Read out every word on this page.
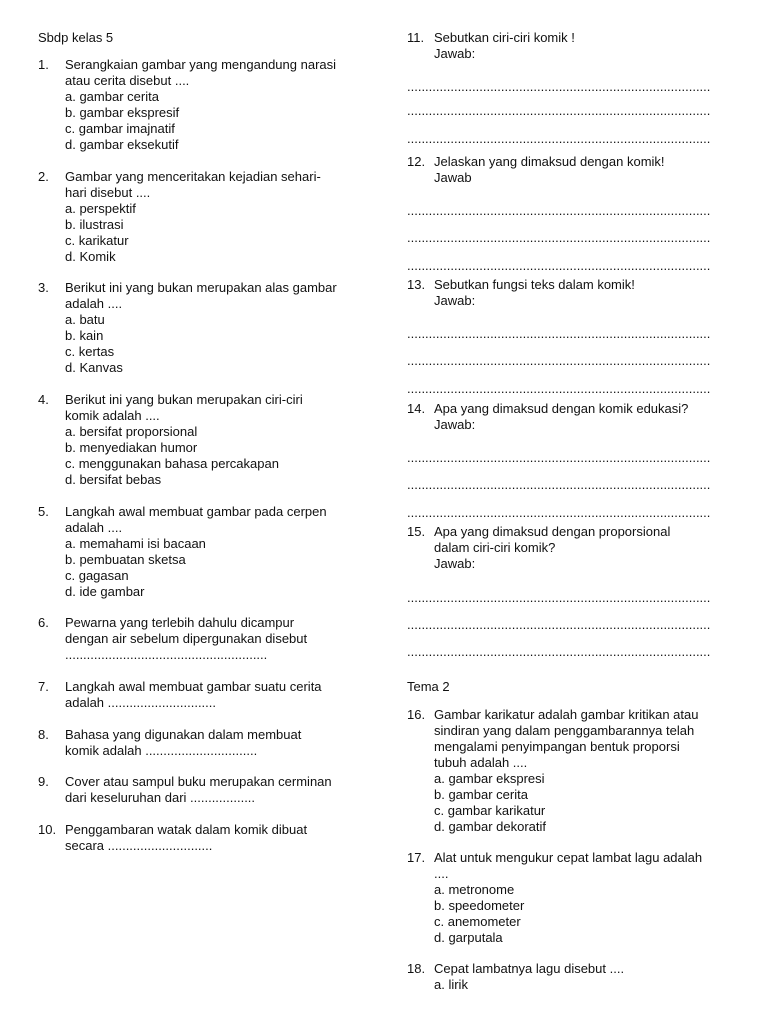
Sbdp kelas 5
1.	Serangkaian gambar yang mengandung narasi
atau cerita disebut ....
a. gambar cerita
b. gambar ekspresif
c. gambar imajnatif
d. gambar eksekutif
2.	Gambar yang menceritakan kejadian sehari-
hari disebut ....
a. perspektif
b. ilustrasi
c. karikatur
d. Komik
3.	Berikut ini yang bukan merupakan alas gambar
adalah ....
a. batu
b. kain
c. kertas
d. Kanvas
4.	Berikut ini yang bukan merupakan ciri-ciri
komik adalah ....
a. bersifat proporsional
b. menyediakan humor
c. menggunakan bahasa percakapan
d. bersifat bebas
5.	Langkah awal membuat gambar pada cerpen
adalah ....
a. memahami isi bacaan
b. pembuatan sketsa
c. gagasan
d. ide gambar
6.	Pewarna yang terlebih dahulu dicampur
dengan air sebelum dipergunakan disebut
........................................................
7.	Langkah awal membuat gambar suatu cerita
adalah ..............................
8.	Bahasa yang digunakan dalam membuat
komik adalah ...............................
9.	Cover atau sampul buku merupakan cerminan
dari keseluruhan dari ..................
10. Penggambaran watak dalam komik dibuat
secara .............................
Tema 2
11. Sebutkan ciri-ciri komik !
Jawab:
....................................................................................
....................................................................................
....................................................................................
12. Jelaskan yang dimaksud dengan komik!
Jawab
....................................................................................
....................................................................................
....................................................................................
13. Sebutkan fungsi teks dalam komik!
Jawab:
....................................................................................
....................................................................................
....................................................................................
14. Apa yang dimaksud dengan komik edukasi?
Jawab:
....................................................................................
....................................................................................
....................................................................................
15. Apa yang dimaksud dengan proporsional
dalam ciri-ciri komik?
Jawab:
....................................................................................
....................................................................................
....................................................................................
16. Gambar karikatur adalah gambar kritikan atau
sindiran yang dalam penggambarannya telah
mengalami penyimpangan bentuk proporsi
tubuh adalah ....
a. gambar ekspresi
b. gambar cerita
c. gambar karikatur
d. gambar dekoratif
17. Alat untuk mengukur cepat lambat lagu adalah
....
a. metronome
b. speedometer
c. anemometer
d. garputala
18. Cepat lambatnya lagu disebut ....
a. lirik
